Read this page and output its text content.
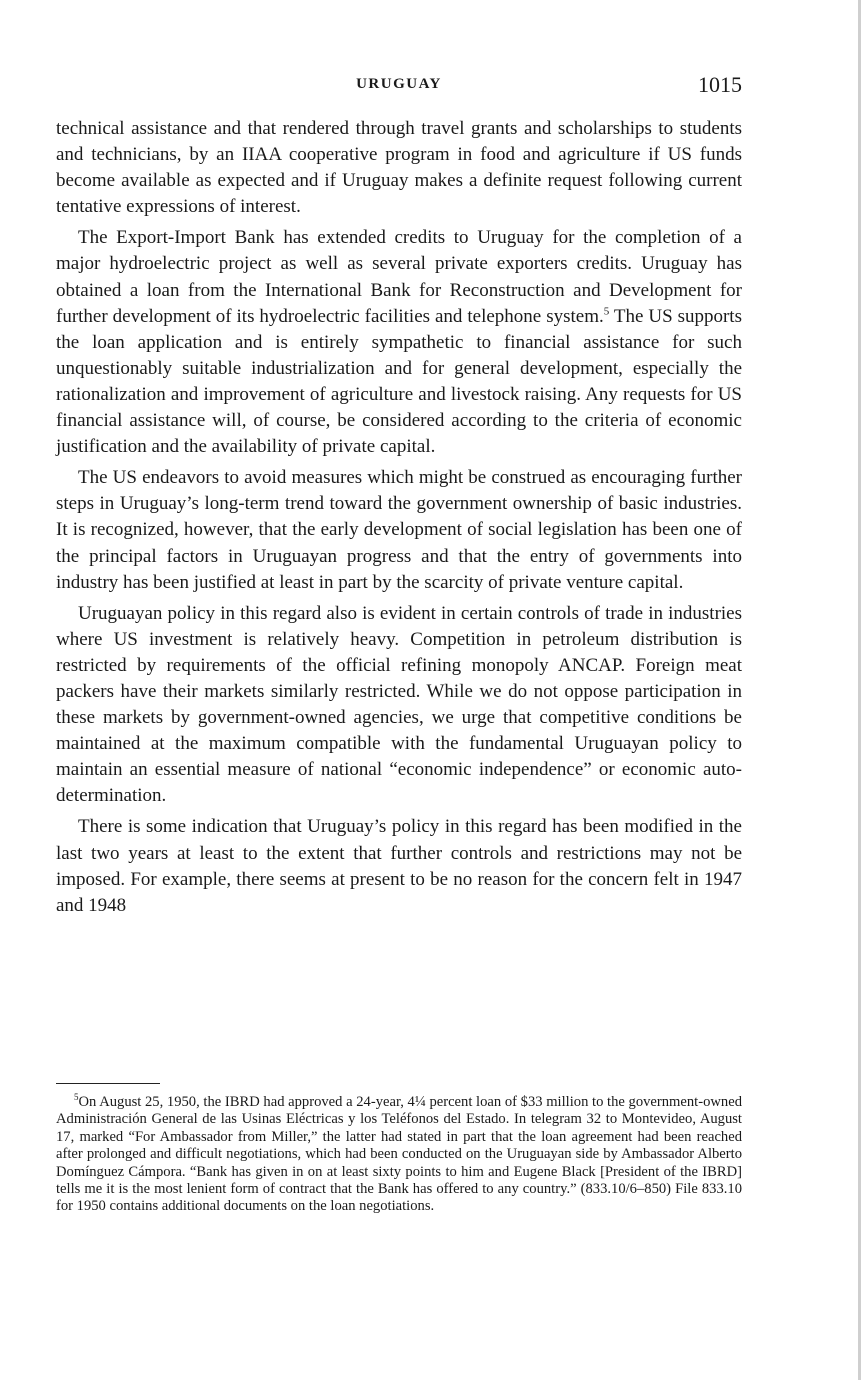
URUGUAY	1015

technical assistance and that rendered through travel grants and scholarships to students and technicians, by an IIAA cooperative program in food and agriculture if US funds become available as expected and if Uruguay makes a definite request following current tentative expressions of interest.

The Export-Import Bank has extended credits to Uruguay for the completion of a major hydroelectric project as well as several private exporters credits. Uruguay has obtained a loan from the International Bank for Reconstruction and Development for further development of its hydroelectric facilities and telephone system.$^5$ The US supports the loan application and is entirely sympathetic to financial assistance for such unquestionably suitable industrialization and for general development, especially the rationalization and improvement of agriculture and livestock raising. Any requests for US financial assistance will, of course, be considered according to the criteria of economic justification and the availability of private capital.

The US endeavors to avoid measures which might be construed as encouraging further steps in Uruguay’s long-term trend toward the government ownership of basic industries. It is recognized, however, that the early development of social legislation has been one of the principal factors in Uruguayan progress and that the entry of governments into industry has been justified at least in part by the scarcity of private venture capital.

Uruguayan policy in this regard also is evident in certain controls of trade in industries where US investment is relatively heavy. Competition in petroleum distribution is restricted by requirements of the official refining monopoly ANCAP. Foreign meat packers have their markets similarly restricted. While we do not oppose participation in these markets by government-owned agencies, we urge that competitive conditions be maintained at the maximum compatible with the fundamental Uruguayan policy to maintain an essential measure of national “economic independence” or economic auto-determination.

There is some indication that Uruguay’s policy in this regard has been modified in the last two years at least to the extent that further controls and restrictions may not be imposed. For example, there seems at present to be no reason for the concern felt in 1947 and 1948

$^5$On August 25, 1950, the IBRD had approved a 24-year, 4¼ percent loan of $33 million to the government-owned Administración General de las Usinas Eléctricas y los Teléfonos del Estado. In telegram 32 to Montevideo, August 17, marked “For Ambassador from Miller,” the latter had stated in part that the loan agreement had been reached after prolonged and difficult negotiations, which had been conducted on the Uruguayan side by Ambassador Alberto Domínguez Cámpora. “Bank has given in on at least sixty points to him and Eugene Black [President of the IBRD] tells me it is the most lenient form of contract that the Bank has offered to any country.” (833.10/6–850) File 833.10 for 1950 contains additional documents on the loan negotiations.
